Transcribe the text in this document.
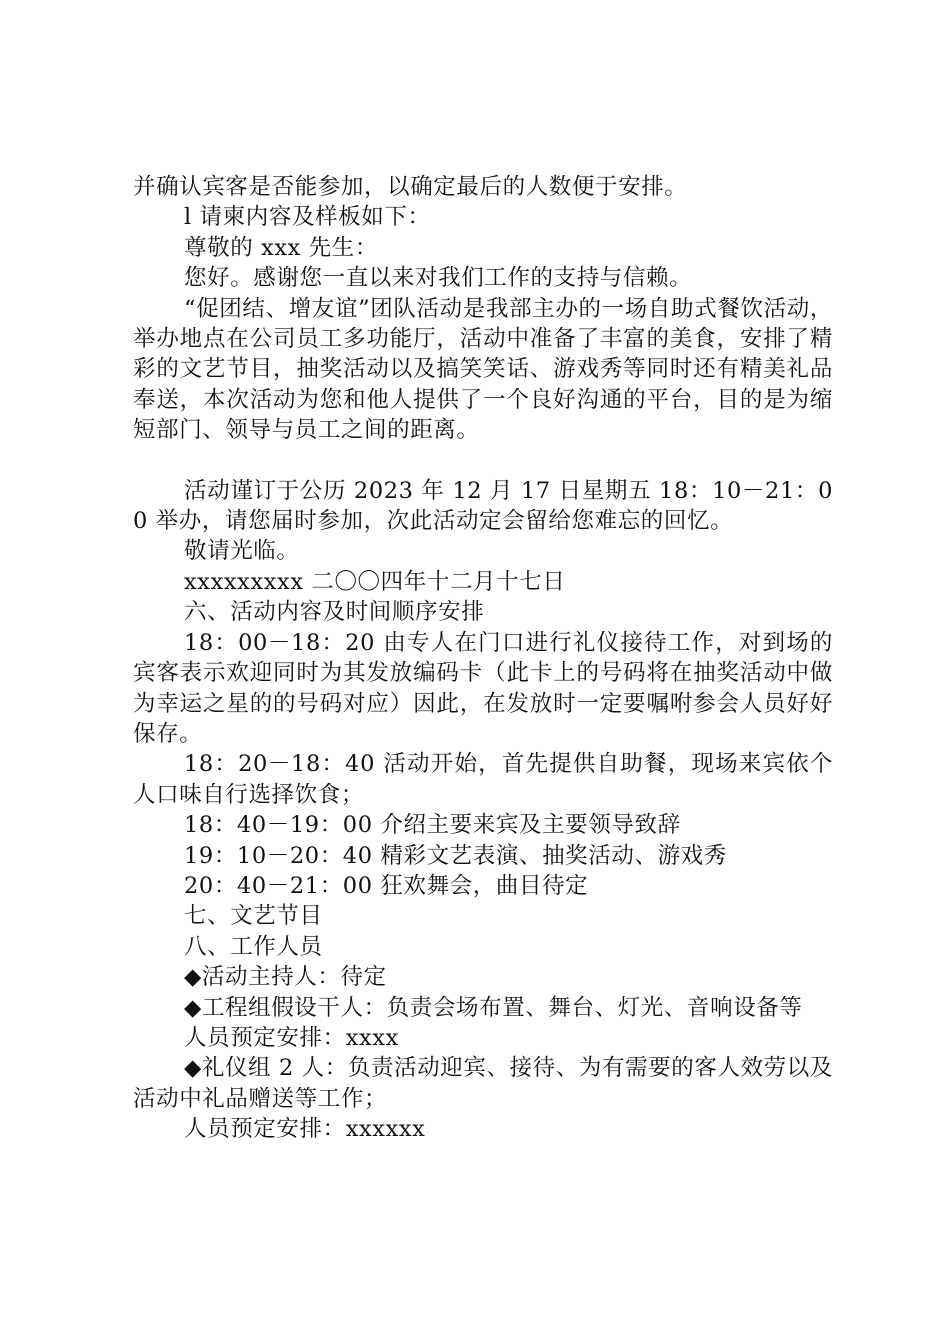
并确认宾客是否能参加，以确定最后的人数便于安排。

l 请柬内容及样板如下：

尊敬的 xxx 先生：

您好。感谢您一直以来对我们工作的支持与信赖。

“促团结、增友谊”团队活动是我部主办的一场自助式餐饮活动，举办地点在公司员工多功能厅，活动中准备了丰富的美食，安排了精彩的文艺节目，抽奖活动以及搞笑笑话、游戏秀等同时还有精美礼品奉送，本次活动为您和他人提供了一个良好沟通的平台，目的是为缩短部门、领导与员工之间的距离。

活动谨订于公历 2023 年 12 月 17 日星期五 18：10－21：00 举办，请您届时参加，次此活动定会留给您难忘的回忆。

敬请光临。

xxxxxxxxx 二〇〇四年十二月十七日

六、活动内容及时间顺序安排

18：00－18：20 由专人在门口进行礼仪接待工作，对到场的宾客表示欢迎同时为其发放编码卡（此卡上的号码将在抽奖活动中做为幸运之星的的号码对应）因此，在发放时一定要嘱咐参会人员好好保存。

18：20－18：40 活动开始，首先提供自助餐，现场来宾依个人口味自行选择饮食；

18：40－19：00 介绍主要来宾及主要领导致辞

19：10－20：40 精彩文艺表演、抽奖活动、游戏秀

20：40－21：00 狂欢舞会，曲目待定

七、文艺节目

八、工作人员

◆活动主持人：待定

◆工程组假设干人：负责会场布置、舞台、灯光、音响设备等

人员预定安排：xxxx

◆礼仪组 2 人：负责活动迎宾、接待、为有需要的客人效劳以及活动中礼品赠送等工作；

人员预定安排：xxxxxx
